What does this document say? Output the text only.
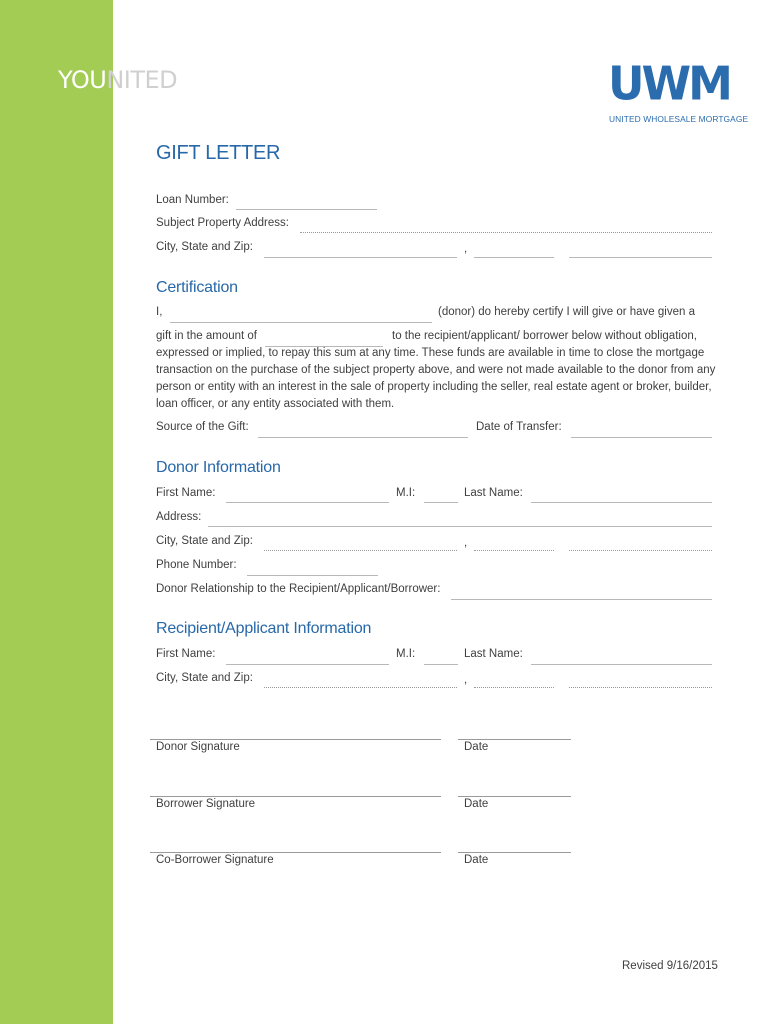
YOUNITED	UWM
UNITED WHOLESALE MORTGAGE
GIFT LETTER
Loan Number:
Subject Property Address:
City, State and Zip:	,
Certification
I,	(donor) do hereby certify I will give or have given a
gift in the amount of	to the recipient/applicant/ borrower below without obligation,
expressed or implied, to repay this sum at any time. These funds are available in time to close the mortgage transaction on the purchase of the subject property above, and were not made available to the donor from any person or entity with an interest in the sale of property including the seller, real estate agent or broker, builder, loan officer, or any entity associated with them.
Source of the Gift:	Date of Transfer:
Donor Information
First Name:	M.I:	Last Name:
Address:
City, State and Zip:	,
Phone Number:
Donor Relationship to the Recipient/Applicant/Borrower:
Recipient/Applicant Information
First Name:	M.I:	Last Name:
City, State and Zip:	,
Donor Signature	Date
Borrower Signature	Date
Co-Borrower Signature	Date
Revised 9/16/2015
